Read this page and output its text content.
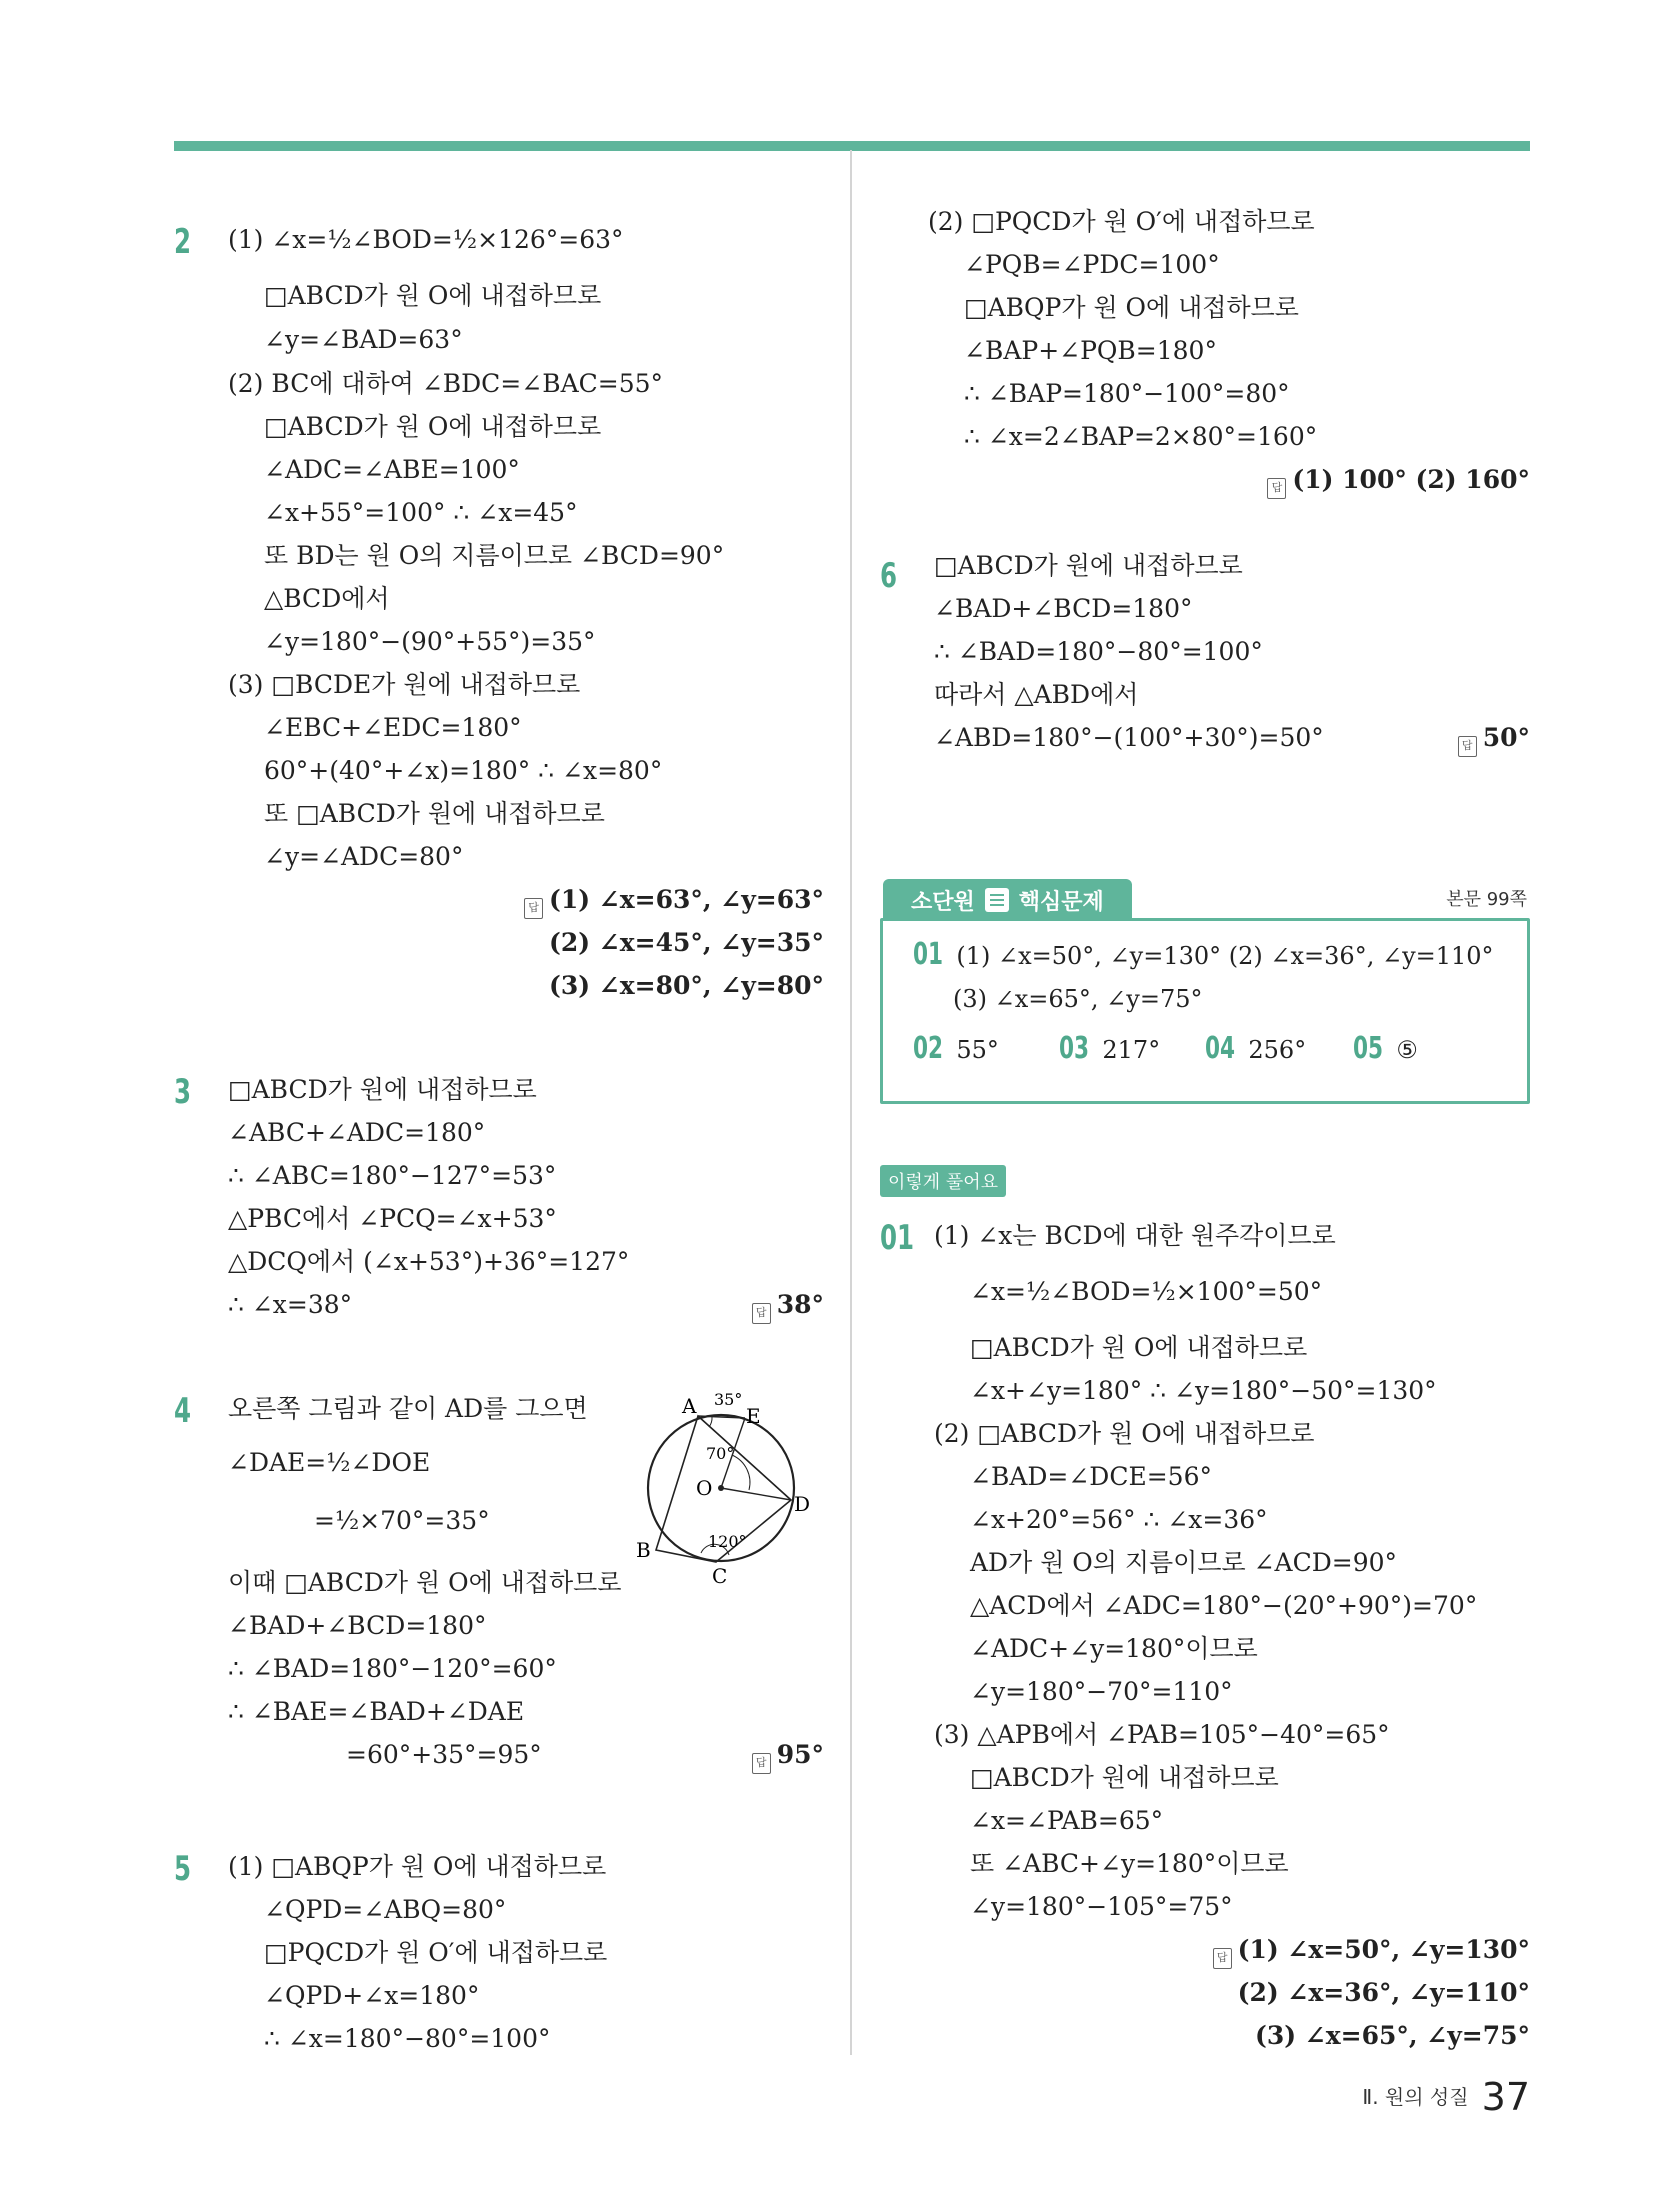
2 (1) ∠x=½∠BOD=½×126°=63°
□ABCD가 원 O에 내접하므로
∠y=∠BAD=63°
(2) BC에 대하여 ∠BDC=∠BAC=55°
□ABCD가 원 O에 내접하므로
∠ADC=∠ABE=100°
∠x+55°=100° ∴ ∠x=45°
또 BD는 원 O의 지름이므로 ∠BCD=90°
△BCD에서
∠y=180°−(90°+55°)=35°
(3) □BCDE가 원에 내접하므로
∠EBC+∠EDC=180°
60°+(40°+∠x)=180° ∴ ∠x=80°
또 □ABCD가 원에 내접하므로
∠y=∠ADC=80°
답 (1) ∠x=63°, ∠y=63°
(2) ∠x=45°, ∠y=35°
(3) ∠x=80°, ∠y=80°
3 □ABCD가 원에 내접하므로
∠ABC+∠ADC=180°
∴ ∠ABC=180°−127°=53°
△PBC에서 ∠PCQ=∠x+53°
△DCQ에서 (∠x+53°)+36°=127°
∴ ∠x=38°	답 38°
4 오른쪽 그림과 같이 AD를 그으면
∠DAE=½∠DOE
=½×70°=35°
이때 □ABCD가 원 O에 내접하므로
∠BAD+∠BCD=180°
∴ ∠BAD=180°−120°=60°
∴ ∠BAE=∠BAD+∠DAE
=60°+35°=95°	답 95°
A 35°
E
70°
O
D
120°
B
C
5 (1) □ABQP가 원 O에 내접하므로
∠QPD=∠ABQ=80°
□PQCD가 원 O′에 내접하므로
∠QPD+∠x=180°
∴ ∠x=180°−80°=100°
(2) □PQCD가 원 O′에 내접하므로
∠PQB=∠PDC=100°
□ABQP가 원 O에 내접하므로
∠BAP+∠PQB=180°
∴ ∠BAP=180°−100°=80°
∴ ∠x=2∠BAP=2×80°=160°
답 (1) 100° (2) 160°
6 □ABCD가 원에 내접하므로
∠BAD+∠BCD=180°
∴ ∠BAD=180°−80°=100°
따라서 △ABD에서
∠ABD=180°−(100°+30°)=50°	답 50°
소단원 핵심문제	본문 99쪽
01 (1) ∠x=50°, ∠y=130° (2) ∠x=36°, ∠y=110°
(3) ∠x=65°, ∠y=75°
02 55° 03 217° 04 256° 05 ⑤
이렇게 풀어요
01 (1) ∠x는 BCD에 대한 원주각이므로
∠x=½∠BOD=½×100°=50°
□ABCD가 원 O에 내접하므로
∠x+∠y=180° ∴ ∠y=180°−50°=130°
(2) □ABCD가 원 O에 내접하므로
∠BAD=∠DCE=56°
∠x+20°=56° ∴ ∠x=36°
AD가 원 O의 지름이므로 ∠ACD=90°
△ACD에서 ∠ADC=180°−(20°+90°)=70°
∠ADC+∠y=180°이므로
∠y=180°−70°=110°
(3) △APB에서 ∠PAB=105°−40°=65°
□ABCD가 원에 내접하므로
∠x=∠PAB=65°
또 ∠ABC+∠y=180°이므로
∠y=180°−105°=75°
답 (1) ∠x=50°, ∠y=130°
(2) ∠x=36°, ∠y=110°
(3) ∠x=65°, ∠y=75°
Ⅱ. 원의 성질 37
